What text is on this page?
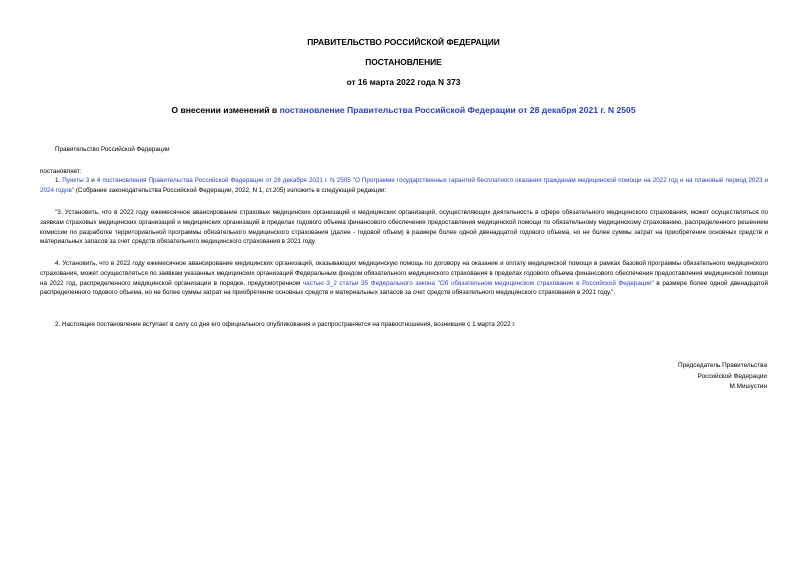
ПРАВИТЕЛЬСТВО РОССИЙСКОЙ ФЕДЕРАЦИИ
ПОСТАНОВЛЕНИЕ
от 16 марта 2022 года N 373
О внесении изменений в постановление Правительства Российской Федерации от 28 декабря 2021 г. N 2505
Правительство Российской Федерации
постановляет:
1. Пункты 3 и 4 постановления Правительства Российской Федерации от 28 декабря 2021 г. N 2505 "О Программе государственных гарантий бесплатного оказания гражданам медицинской помощи на 2022 год и на плановый период 2023 и 2024 годов" (Собрание законодательства Российской Федерации, 2022, N 1, ст.205) изложить в следующей редакции:
"3. Установить, что в 2022 году ежемесячное авансирование страховых медицинских организаций и медицинских организаций, осуществляющих деятельность в сфере обязательного медицинского страхования, может осуществляться по заявкам страховых медицинских организаций и медицинских организаций в пределах годового объема финансового обеспечения предоставления медицинской помощи по обязательному медицинскому страхованию, распределенного решением комиссии по разработке территориальной программы обязательного медицинского страхования (далее - годовой объем) в размере более одной двенадцатой годового объема, но не более суммы затрат на приобретение основных средств и материальных запасов за счет средств обязательного медицинского страхования в 2021 году.
4. Установить, что в 2022 году ежемесячное авансирование медицинских организаций, оказывающих медицинскую помощь по договору на оказание и оплату медицинской помощи в рамках базовой программы обязательного медицинского страхования, может осуществляться по заявкам указанных медицинских организаций Федеральным фондом обязательного медицинского страхования в пределах годового объема финансового обеспечения предоставления медицинской помощи на 2022 год, распределенного медицинской организации в порядке, предусмотренном частью 3_2 статьи 35 Федерального закона "Об обязательном медицинском страховании в Российской Федерации" в размере более одной двенадцатой распределенного годового объема, но не более суммы затрат на приобретение основных средств и материальных запасов за счет средств обязательного медицинского страхования в 2021 году.".
2. Настоящее постановление вступает в силу со дня его официального опубликования и распространяется на правоотношения, возникшие с 1 марта 2022 г.
Председатель Правительства
Российской Федерации
М.Мишустин
